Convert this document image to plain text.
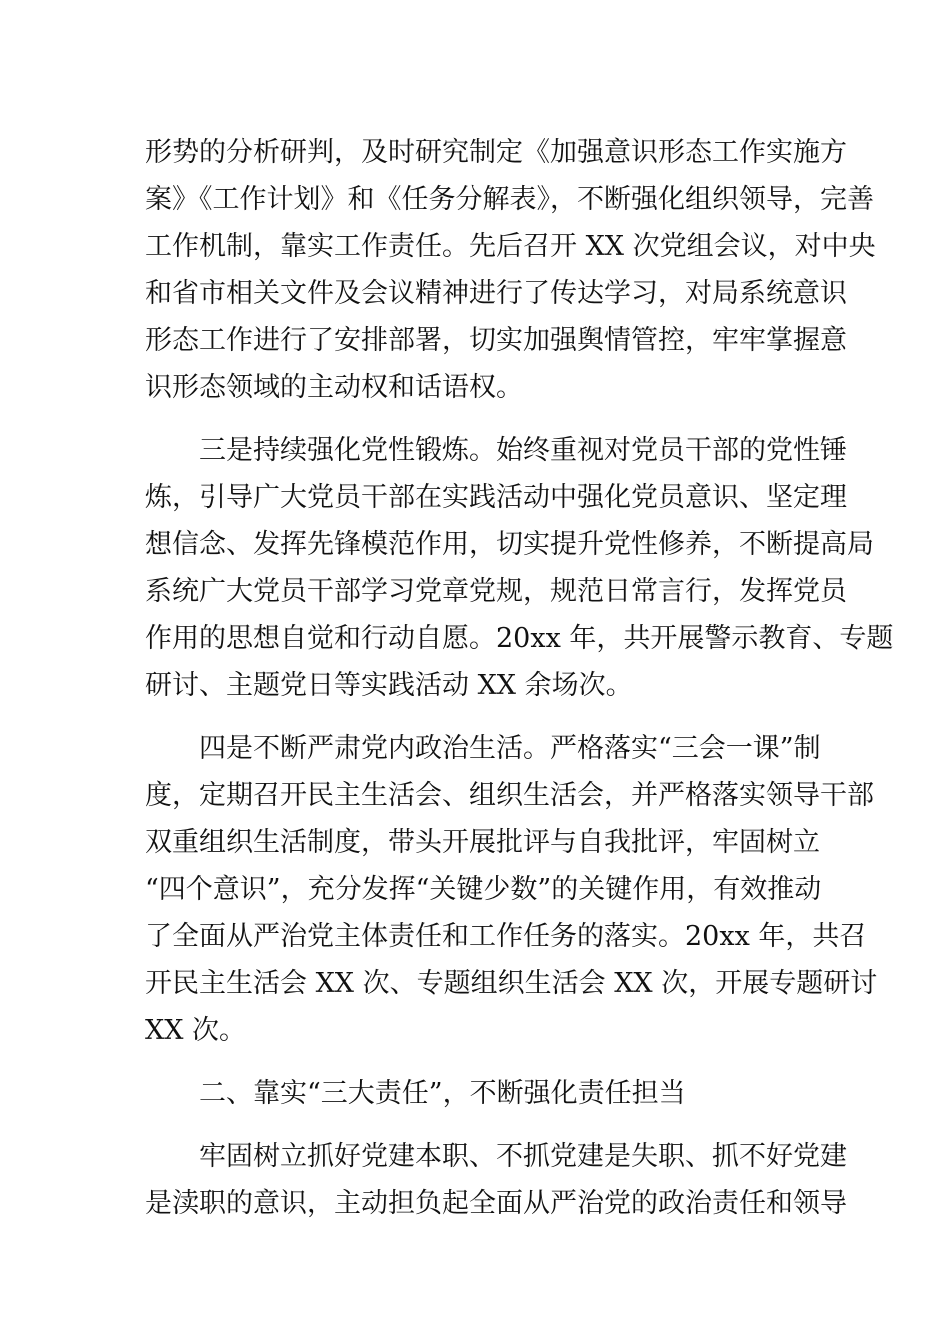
形势的分析研判，及时研究制定《加强意识形态工作实施方
案》《工作计划》和《任务分解表》，不断强化组织领导，完善
工作机制，靠实工作责任。先后召开 XX 次党组会议，对中央
和省市相关文件及会议精神进行了传达学习，对局系统意识
形态工作进行了安排部署，切实加强舆情管控，牢牢掌握意
识形态领域的主动权和话语权。
三是持续强化党性锻炼。始终重视对党员干部的党性锤
炼，引导广大党员干部在实践活动中强化党员意识、坚定理
想信念、发挥先锋模范作用，切实提升党性修养，不断提高局
系统广大党员干部学习党章党规，规范日常言行，发挥党员
作用的思想自觉和行动自愿。20xx 年，共开展警示教育、专题
研讨、主题党日等实践活动 XX 余场次。
四是不断严肃党内政治生活。严格落实“三会一课”制
度，定期召开民主生活会、组织生活会，并严格落实领导干部
双重组织生活制度，带头开展批评与自我批评，牢固树立
“四个意识”，充分发挥“关键少数”的关键作用，有效推动
了全面从严治党主体责任和工作任务的落实。20xx 年，共召
开民主生活会 XX 次、专题组织生活会 XX 次，开展专题研讨
XX 次。
二、靠实“三大责任”，不断强化责任担当
牢固树立抓好党建本职、不抓党建是失职、抓不好党建
是渎职的意识，主动担负起全面从严治党的政治责任和领导
